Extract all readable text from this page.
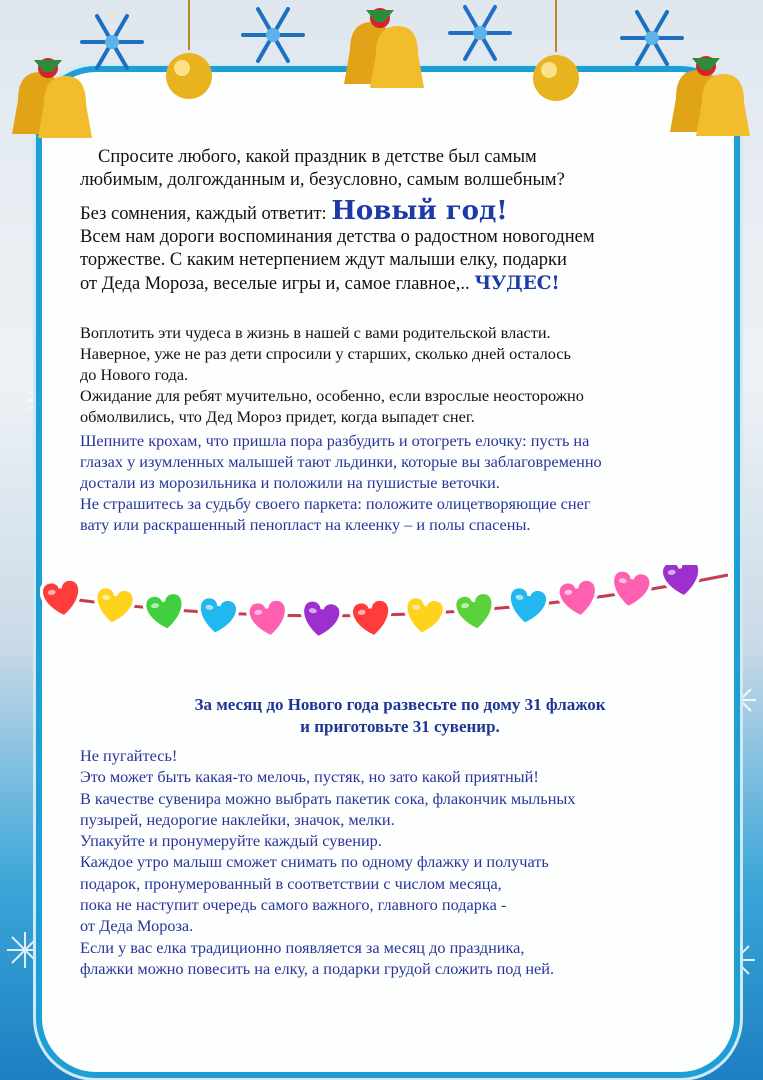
Спросите любого, какой праздник в детстве был самым
любимым, долгожданным и, безусловно, самым волшебным?
Без сомнения, каждый ответит: Новый год!
Всем нам дороги воспоминания детства о радостном новогоднем
торжестве. С каким нетерпением ждут малыши елку, подарки
от Деда Мороза, веселые игры и, самое главное,.. ЧУДЕС!
Воплотить эти чудеса в жизнь в нашей с вами родительской власти.
Наверное, уже не раз дети спросили у старших, сколько дней осталось
до Нового года.
Ожидание для ребят мучительно, особенно, если взрослые неосторожно
обмолвились, что Дед Мороз придет, когда выпадет снег.
Шепните крохам, что пришла пора разбудить и отогреть елочку: пусть на
глазах у изумленных малышей тают льдинки, которые вы заблаговременно
достали из морозильника и положили на пушистые веточки.
Не страшитесь за судьбу своего паркета: положите олицетворяющие снег
вату или раскрашенный пенопласт на клеенку – и полы спасены.
За месяц до Нового года развесьте по дому 31 флажок
и приготовьте 31 сувенир.
Не пугайтесь!
Это может быть какая-то мелочь, пустяк, но зато какой приятный!
В качестве сувенира можно выбрать пакетик сока, флакончик мыльных
пузырей, недорогие наклейки, значок, мелки.
Упакуйте и пронумеруйте каждый сувенир.
Каждое утро малыш сможет снимать по одному флажку и получать
подарок, пронумерованный в соответствии с числом месяца,
пока не наступит очередь самого важного, главного подарка -
от Деда Мороза.
Если у вас елка традиционно появляется за месяц до праздника,
флажки можно повесить на елку, а подарки грудой сложить под ней.
